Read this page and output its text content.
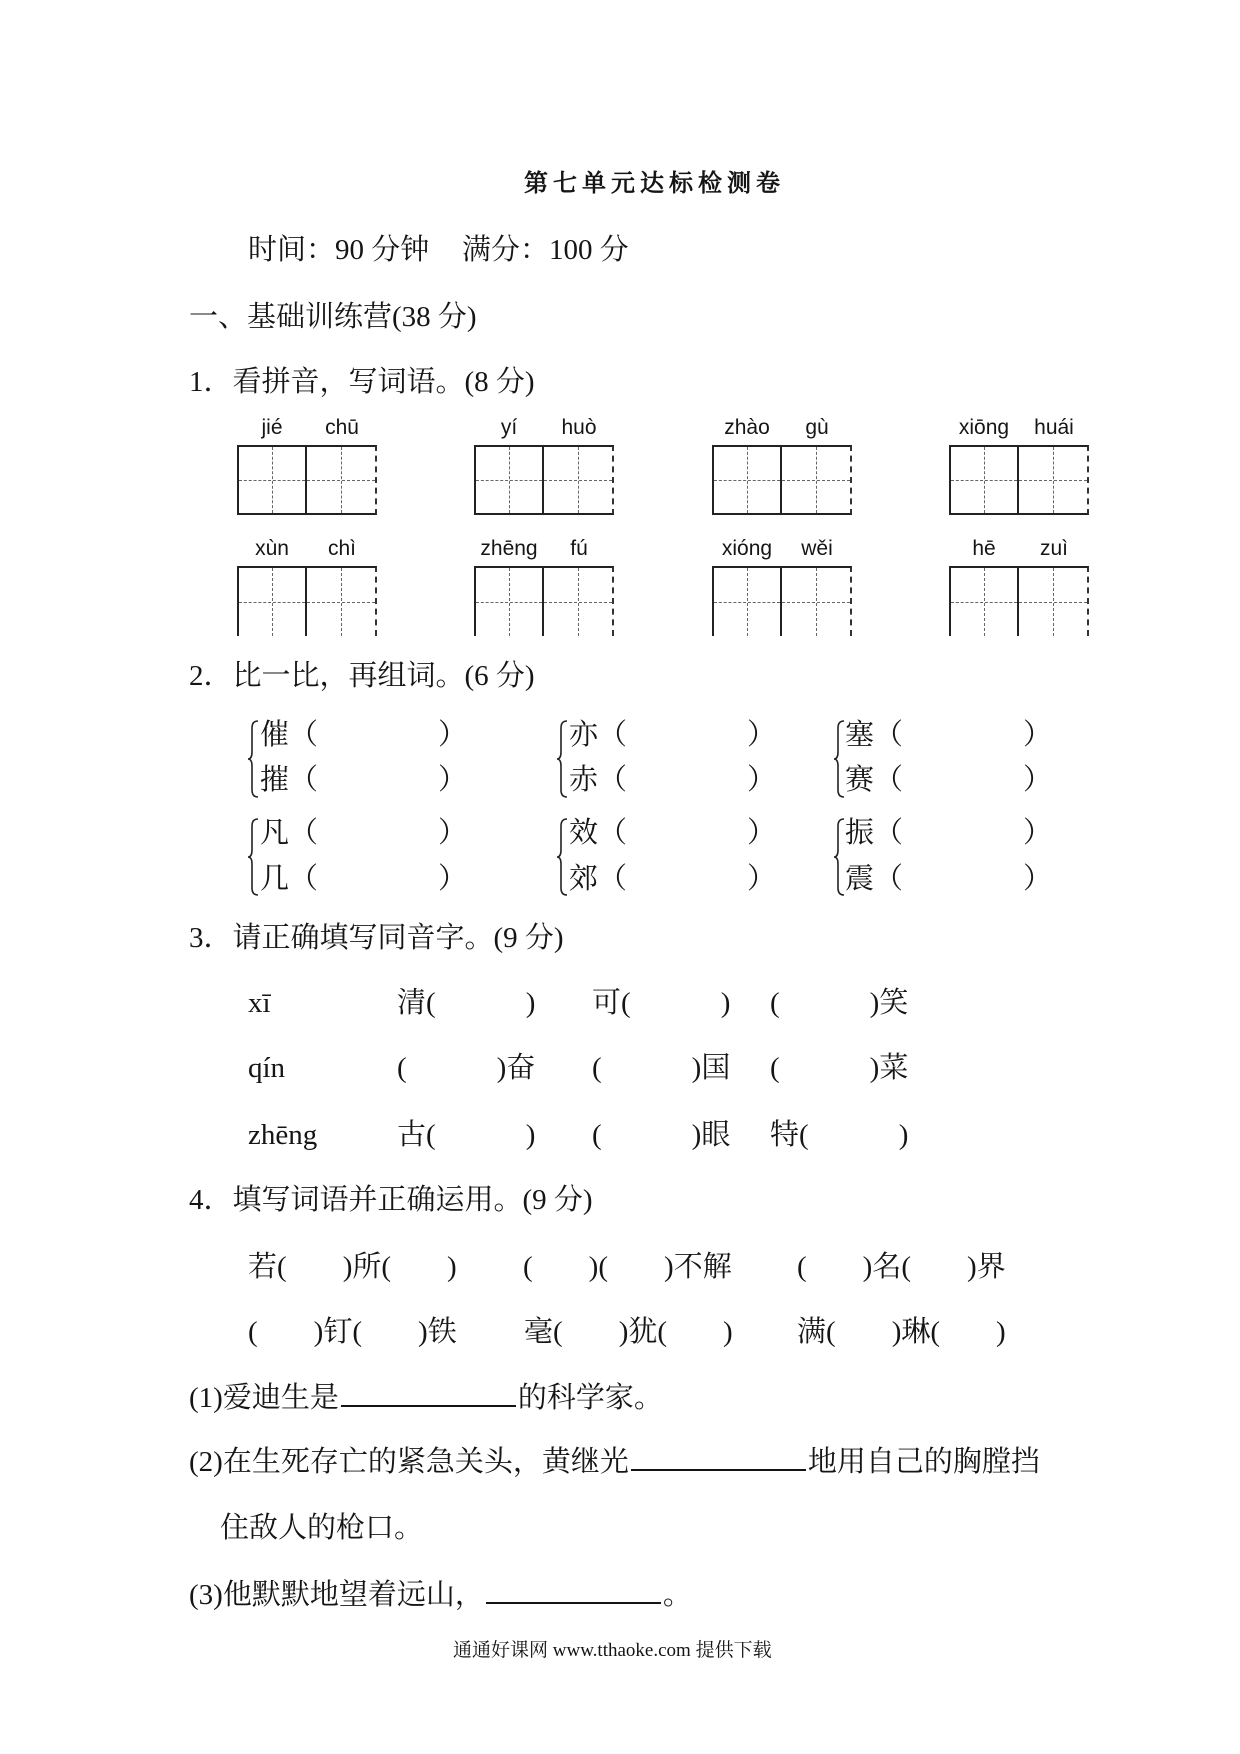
第七单元达标检测卷
时间：90 分钟 满分：100 分
一、基础训练营(38 分)
1．看拼音，写词语。(8 分)
jié	chū	yí	huò	zhào	gù	xiōng	huái
xùn	chì	zhēng	fú	xióng	wěi	hē	zuì
2．比一比，再组词。(6 分)
催（	）
摧（	）
亦（	）
赤（	）
塞（	）
赛（	）
凡（	）
几（	）
效（	）
郊（	）
振（	）
震（	）
3．请正确填写同音字。(9 分)
xī	清(	) 可(	) (	)笑
qín	(	)奋 (	)国 (	)菜
zhēng	古(	) (	)眼 特(	)
4．填写词语并正确运用。(9 分)
若( )所( ) ( )( )不解 ( )名( )界
( )钉( )铁 毫( )犹( ) 满( )琳( )
(1)爱迪生是	的科学家。
(2)在生死存亡的紧急关头，黄继光	地用自己的胸膛挡
住敌人的枪口。
(3)他默默地望着远山，	。
通通好课网 www.tthaoke.com 提供下载
